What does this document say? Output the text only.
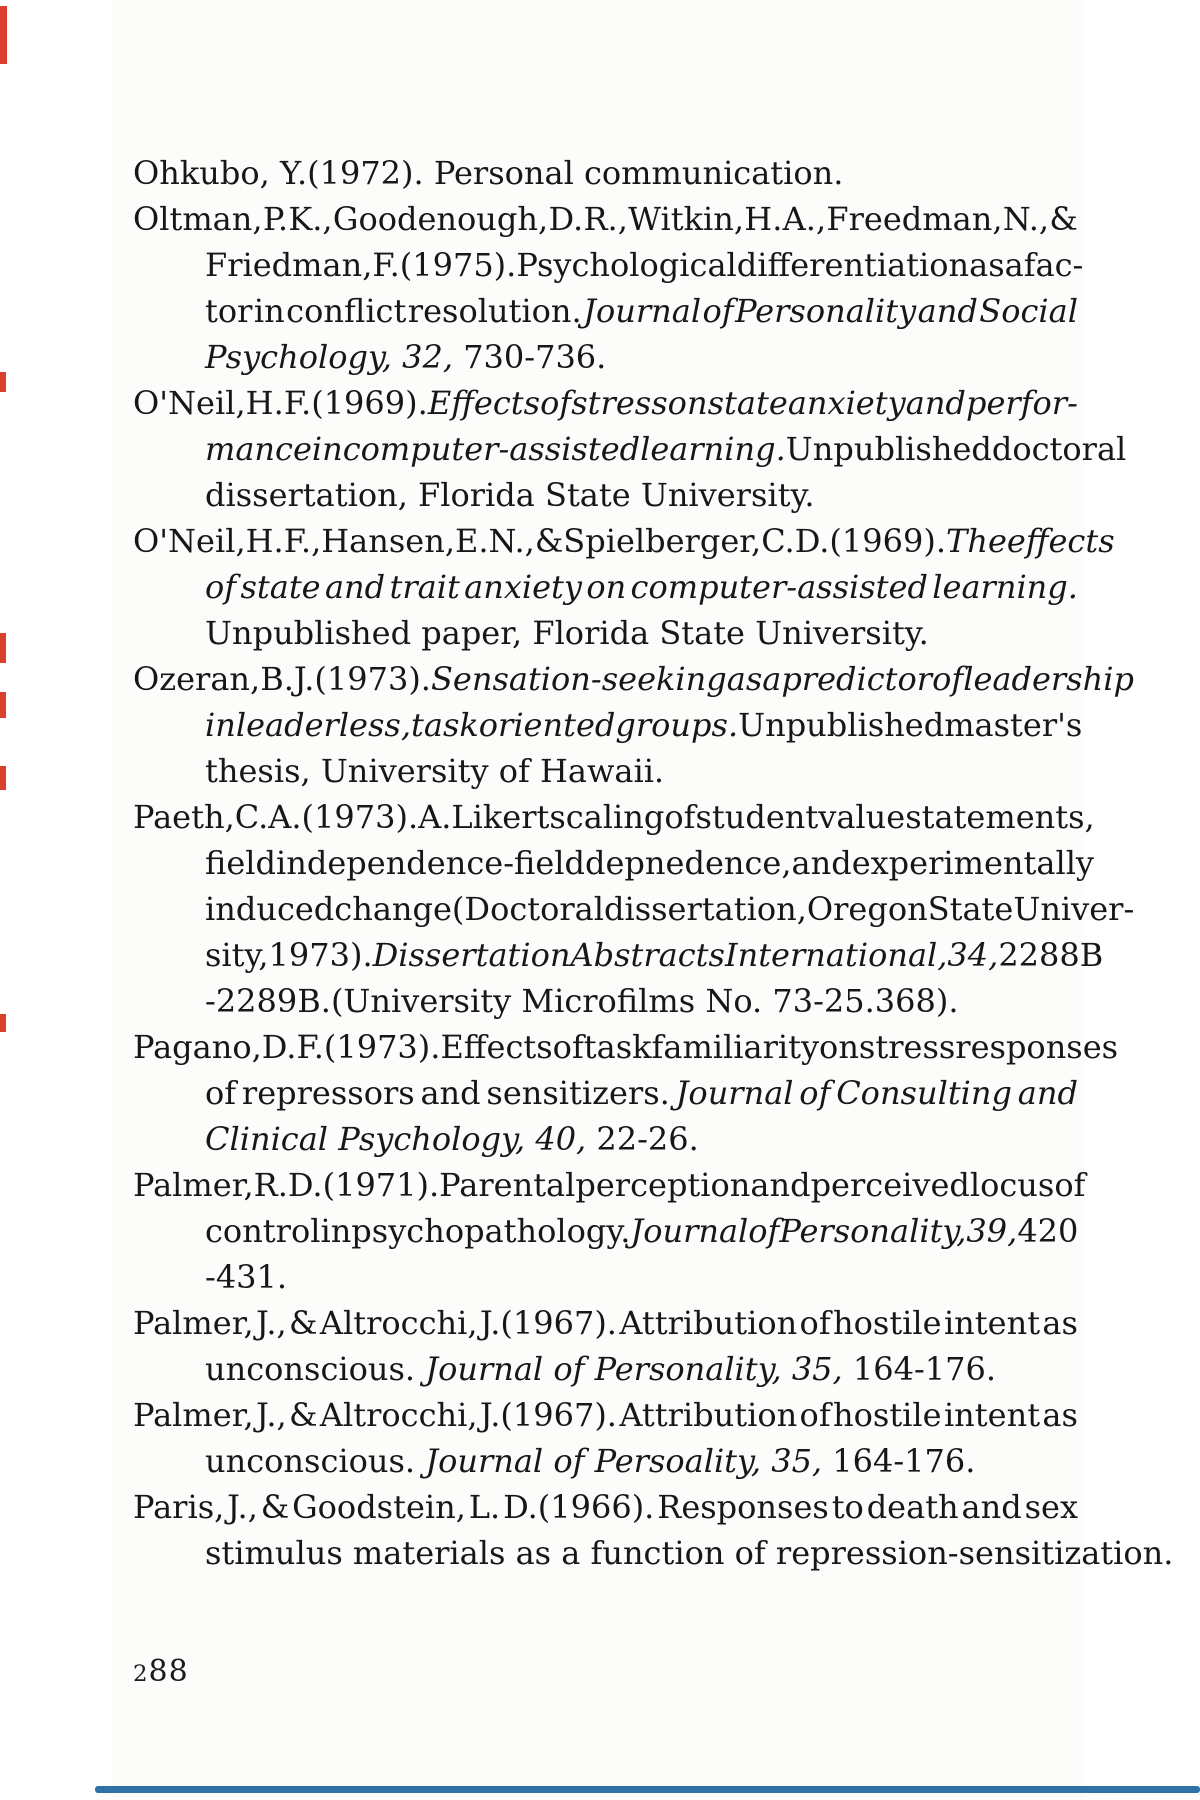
Ohkubo, Y.(1972). Personal communication.
Oltman, P. K., Goodenough, D. R., Witkin, H. A., Freedman, N., &
Friedman, F.(1975). Psychological differentiation as a fac-
tor in conflict resolution. Journal of Personality and Social
Psychology, 32, 730-736.
O'Neil, H. F.(1969). Effects of stress on state anxiety and perfor-
mance in computer-assisted learning. Unpublished doctoral
dissertation, Florida State University.
O'Neil, H. F., Hansen, E. N., & Spielberger, C. D.(1969). The effects
of state and trait anxiety on computer-assisted learning.
Unpublished paper, Florida State University.
Ozeran, B. J.(1973). Sensation-seeking as a predictor of leadership
in leaderless, task oriented groups. Unpublished master's
thesis, University of Hawaii.
Paeth, C. A.(1973). A. Likert scaling of student value statements,
field independence-field depnedence, and experimentally
induced change (Doctoral dissertation, Oregon State Univer-
sity, 1973). Dissertation Abstracts International, 34, 2288B
-2289B.(University Microfilms No. 73-25.368).
Pagano, D. F.(1973). Effects of task familiarity on stress responses
of repressors and sensitizers. Journal of Consulting and
Clinical Psychology, 40, 22-26.
Palmer, R. D.(1971). Parental perception and perceived locus of
control in psychopathology. Journal of Personality, 39, 420
-431.
Palmer, J., & Altrocchi, J.(1967). Attribution of hostile intent as
unconscious. Journal of Personality, 35, 164-176.
Palmer, J., & Altrocchi, J.(1967). Attribution of hostile intent as
unconscious. Journal of Persoality, 35, 164-176.
Paris, J., & Goodstein, L. D.(1966). Responses to death and sex
stimulus materials as a function of repression-sensitization.
288
